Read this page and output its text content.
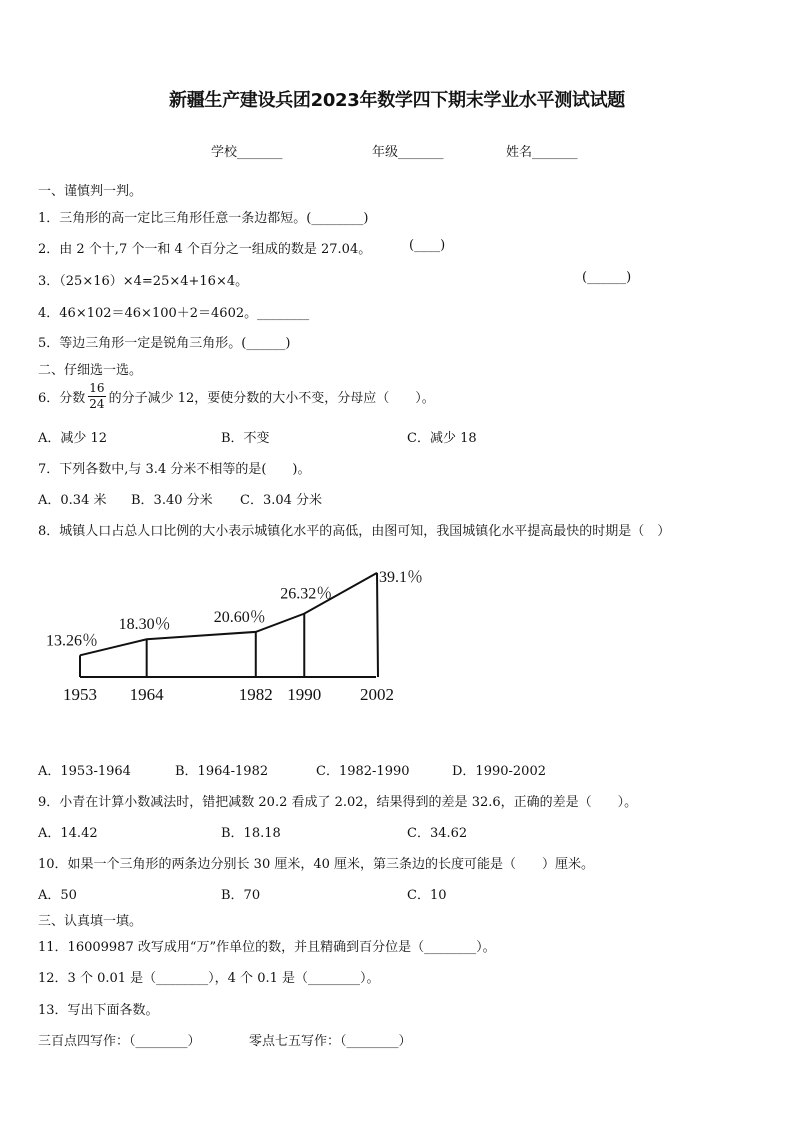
新疆生产建设兵团2023年数学四下期末学业水平测试试题
学校_______	年级_______	姓名_______
一、谨慎判一判。
1．三角形的高一定比三角形任意一条边都短。(________)
2．由 2 个十,7 个一和 4 个百分之一组成的数是 27.04。	(____)
3．（25×16）×4=25×4+16×4。	(______)
4．46×102＝46×100＋2＝4602。________
5．等边三角形一定是锐角三角形。(______)
二、仔细选一选。
6．分数 $\frac{16}{24}$ 的分子减少 12，要使分数的大小不变，分母应（　　）。
A．减少 12	B．不变	C．减少 18
7．下列各数中,与 3.4 分米不相等的是(　　)。
A．0.34 米 B．3.40 分米 C．3.04 分米
8．城镇人口占总人口比例的大小表示城镇化水平的高低，由图可知，我国城镇化水平提高最快的时期是（　）
1953 1964	1982 1990 2002
13.26％
18.30％	20.60％
26.32％
39.1％
A．1953-1964	B．1964-1982	C．1982-1990	D．1990-2002
9．小青在计算小数减法时，错把减数 20.2 看成了 2.02，结果得到的差是 32.6，正确的差是（　　）。
A．14.42	B．18.18	C．34.62
10．如果一个三角形的两条边分别长 30 厘米，40 厘米，第三条边的长度可能是（　　）厘米。
A．50	B．70	C．10
三、认真填一填。
11．16009987 改写成用“万”作单位的数，并且精确到百分位是（________）。
12．3 个 0.01 是（________），4 个 0.1 是（________）。
13．写出下面各数。
三百点四写作：（________）	零点七五写作：（________）
